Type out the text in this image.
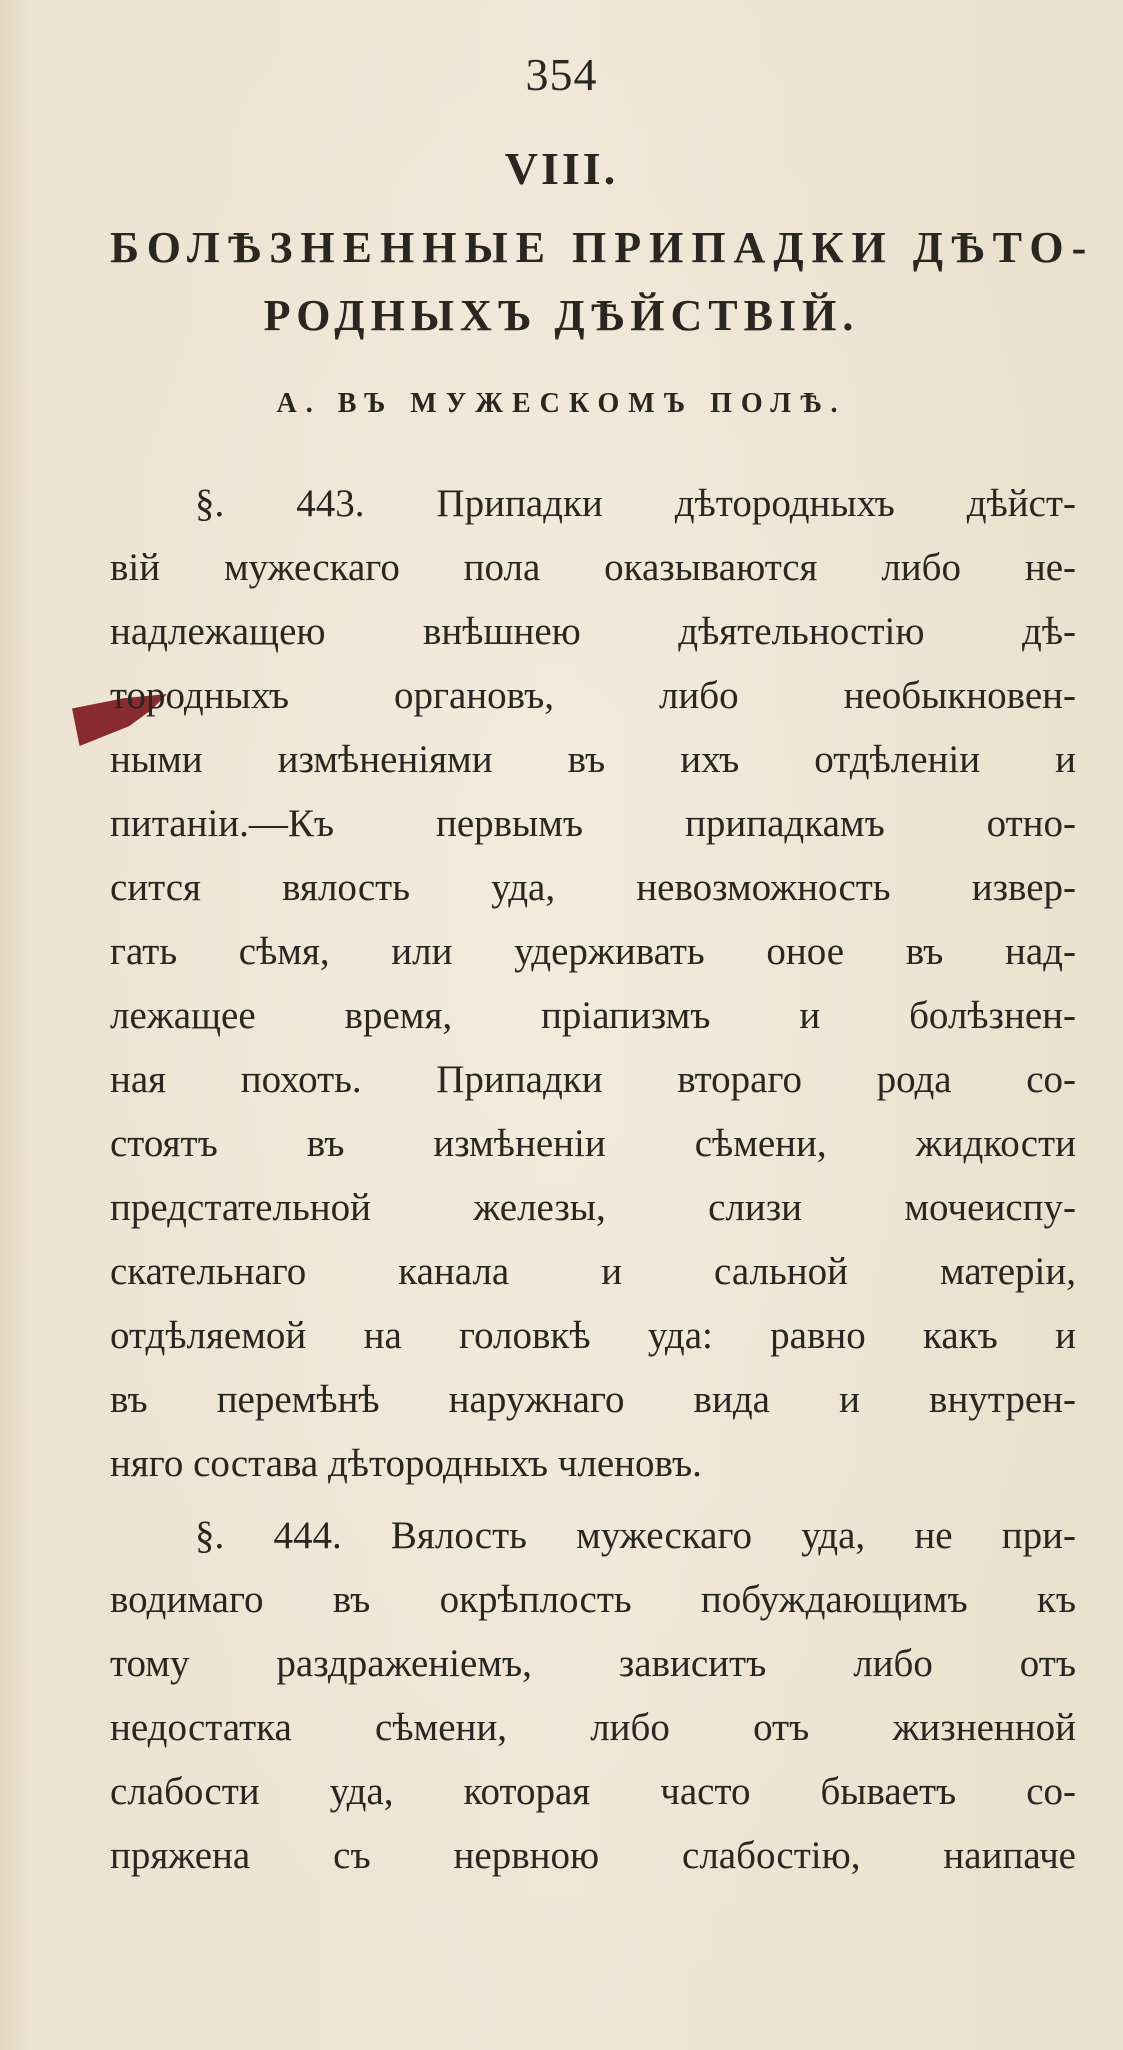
354
VIII.
БОЛѢЗНЕННЫЕ ПРИПАДКИ ДѢТО-
РОДНЫХЪ ДѢЙСТВІЙ.
А. ВЪ МУЖЕСКОМЪ ПОЛѢ.
§. 443. Припадки дѣтородныхъ дѣйст-
вій мужескаго пола оказываются либо не-
надлежащею внѣшнею дѣятельностію дѣ-
тородныхъ органовъ, либо необыкновен-
ными измѣненіями въ ихъ отдѣленіи и
питаніи.—Къ первымъ припадкамъ отно-
сится вялость уда, невозможность извер-
гать сѣмя, или удерживать оное въ над-
лежащее время, пріапизмъ и болѣзнен-
ная похоть. Припадки втораго рода со-
стоятъ въ измѣненіи сѣмени, жидкости
предстательной железы, слизи мочеиспу-
скательнаго канала и сальной матеріи,
отдѣляемой на головкѣ уда: равно какъ и
въ перемѣнѣ наружнаго вида и внутрен-
няго состава дѣтородныхъ членовъ.
§. 444. Вялость мужескаго уда, не при-
водимаго въ окрѣплость побуждающимъ къ
тому раздраженіемъ, зависитъ либо отъ
недостатка сѣмени, либо отъ жизненной
слабости уда, которая часто бываетъ со-
пряжена съ нервною слабостію, наипаче
